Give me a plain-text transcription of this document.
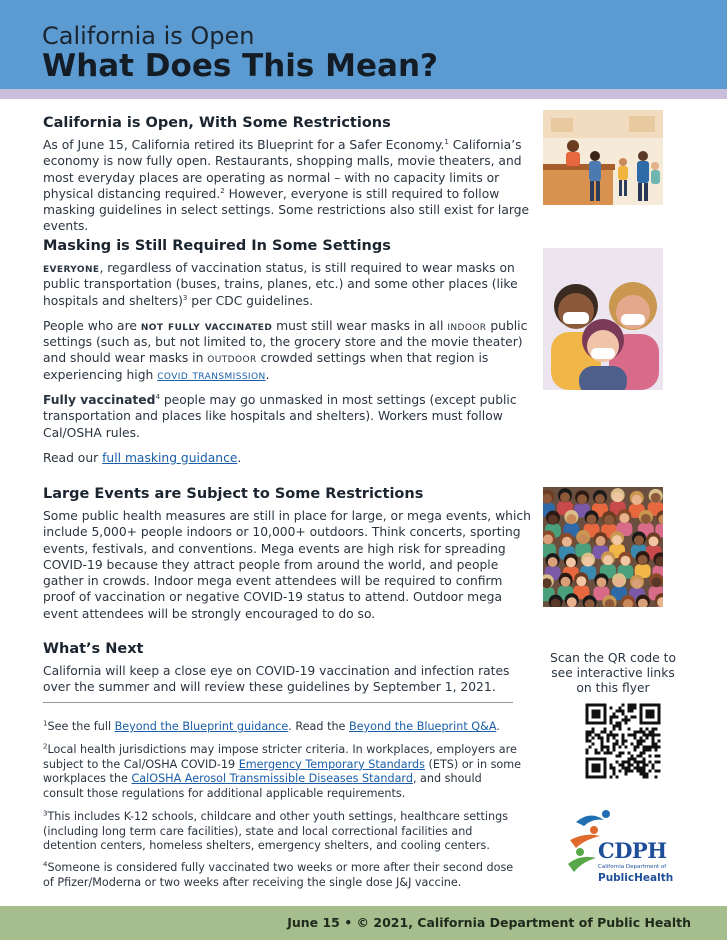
California is Open
What Does This Mean?
California is Open, With Some Restrictions

As of June 15, California retired its Blueprint for a Safer Economy.$^1$ California’s economy is now fully open. Restaurants, shopping malls, movie theaters, and most everyday places are operating as normal – with no capacity limits or physical distancing required.$^2$ However, everyone is still required to follow masking guidelines in select settings. Some restrictions also still exist for large events.

Masking is Still Required In Some Settings

everyone, regardless of vaccination status, is still required to wear masks on public transportation (buses, trains, planes, etc.) and some other places (like hospitals and shelters)$^3$ per CDC guidelines.

People who are not fully vaccinated must still wear masks in all indoor public settings (such as, but not limited to, the grocery store and the movie theater) and should wear masks in outdoor crowded settings when that region is experiencing high covid transmission.

Fully vaccinated$^4$ people may go unmasked in most settings (except public transportation and places like hospitals and shelters). Workers must follow Cal/OSHA rules.

Read our full masking guidance.

Large Events are Subject to Some Restrictions

Some public health measures are still in place for large, or mega events, which include 5,000+ people indoors or 10,000+ outdoors. Think concerts, sporting events, festivals, and conventions. Mega events are high risk for spreading COVID-19 because they attract people from around the world, and people gather in crowds. Indoor mega event attendees will be required to confirm proof of vaccination or negative COVID-19 status to attend. Outdoor mega event attendees will be strongly encouraged to do so.

What’s Next

California will keep a close eye on COVID-19 vaccination and infection rates over the summer and will review these guidelines by September 1, 2021.

$^1$See the full Beyond the Blueprint guidance. Read the Beyond the Blueprint Q&A.
$^2$Local health jurisdictions may impose stricter criteria. In workplaces, employers are subject to the Cal/OSHA COVID-19 Emergency Temporary Standards (ETS) or in some workplaces the CalOSHA Aerosol Transmissible Diseases Standard, and should consult those regulations for additional applicable requirements.
$^3$This includes K-12 schools, childcare and other youth settings, healthcare settings (including long term care facilities), state and local correctional facilities and detention centers, homeless shelters, emergency shelters, and cooling centers.
$^4$Someone is considered fully vaccinated two weeks or more after their second dose of Pfizer/Moderna or two weeks after receiving the single dose J&J vaccine.
Scan the QR code to see interactive links on this flyer
CDPH
California Department of
PublicHealth
June 15 • © 2021, California Department of Public Health
